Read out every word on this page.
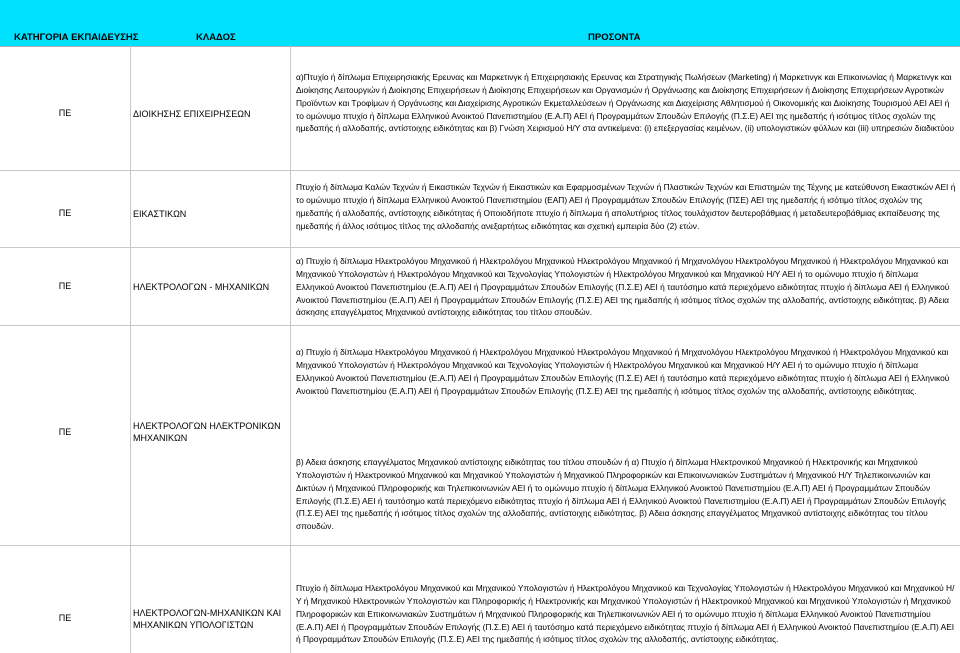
ΚΑΤΗΓΟΡΙΑ ΕΚΠΑΙΔΕΥΣΗΣ	ΚΛΑΔΟΣ	ΠΡΟΣΟΝΤΑ
ΠΕ	ΔΙΟΙΚΗΣΗΣ ΕΠΙΧΕΙΡΗΣΕΩΝ

α)Πτυχίο ή δίπλωμα Επιχειρησιακής Ερευνας και Μαρκετινγκ ή Επιχειρησιακής Ερευνας και Στρατηγικής Πωλήσεων (Marketing) ή Μαρκετινγκ και Επικοινωνίας ή Μαρκετινγκ και Διοίκησης Λειτουργιών ή Διοίκησης Επιχειρήσεων ή Διοίκησης Επιχειρήσεων και Οργανισμών ή Οργάνωσης και Διοίκησης Επιχειρήσεων ή Διοίκησης Επιχειρήσεων Αγροτικών Προϊόντων και Τροφίμων ή Οργάνωσης και Διαχείρισης Αγροτικών Εκμεταλλεύσεων ή Οργάνωσης και Διαχείρισης Αθλητισμού ή Οικονομικής και Διοίκησης Τουρισμού ΑΕΙ ΑΕΙ ή το ομώνυμο πτυχίο ή δίπλωμα Ελληνικού Ανοικτού Πανεπιστημίου (Ε.Α.Π) ΑΕΙ ή Προγραμμάτων Σπουδών Επιλογής (Π.Σ.Ε) ΑΕΙ της ημεδαπής ή ισότιμος τίτλος σχολών της ημεδαπής ή αλλοδαπής, αντίστοιχης ειδικότητας και β) Γνώση Χειρισμού Η/Υ στα αντικείμενα: (i) επεξεργασίας κειμένων, (ii) υπολογιστικών φύλλων και (iii) υπηρεσιών διαδικτύου

ΠΕ	ΕΙΚΑΣΤΙΚΩΝ

Πτυχίο ή δίπλωμα Καλών Τεχνών ή Εικαστικών Τεχνών ή Εικαστικών και Εφαρμοσμένων Τεχνών ή Πλαστικών Τεχνών και Επιστημών της Τέχνης με κατεύθυνση Εικαστικών ΑΕΙ ή το ομώνυμο πτυχίο ή δίπλωμα Ελληνικού Ανοικτού Πανεπιστημίου (ΕΑΠ) ΑΕΙ ή Προγραμμάτων Σπουδών Επιλογής (ΠΣΕ) ΑΕΙ της ημεδαπής ή ισότιμο τίτλος σχολών της ημεδαπής ή αλλοδαπής, αντίστοιχης ειδικότητας ή Οποιοδήποτε πτυχίο ή δίπλωμα ή απολυτήριος τίτλος τουλάχιστον δευτεροβάθμιας ή μεταδευτεροβάθμιας εκπαίδευσης της ημεδαπής ή άλλος ισότιμος τίτλος της αλλοδαπής ανεξαρτήτως ειδικότητας και σχετική εμπειρία δύο (2) ετών.

ΠΕ	ΗΛΕΚΤΡΟΛΟΓΩΝ - ΜΗΧΑΝΙΚΩΝ

α) Πτυχίο ή δίπλωμα Ηλεκτρολόγου Μηχανικού ή Ηλεκτρολόγου Μηχανικού Ηλεκτρολόγου Μηχανικού ή Μηχανολόγου Ηλεκτρολόγου Μηχανικού ή Ηλεκτρολόγου Μηχανικού και Μηχανικού Υπολογιστών ή Ηλεκτρολόγου Μηχανικού και Τεχνολογίας Υπολογιστών ή Ηλεκτρολόγου Μηχανικού και Μηχανικού Η/Υ ΑΕΙ ή το ομώνυμο πτυχίο ή δίπλωμα Ελληνικού Ανοικτού Πανεπιστημίου (Ε.Α.Π) ΑΕΙ ή Προγραμμάτων Σπουδών Επιλογής (Π.Σ.Ε) ΑΕΙ ή ταυτόσημο κατά περιεχόμενο ειδικότητας πτυχίο ή δίπλωμα ΑΕΙ ή Ελληνικού Ανοικτού Πανεπιστημίου (Ε.Α.Π) ΑΕΙ ή Προγραμμάτων Σπουδών Επιλογής (Π.Σ.Ε) ΑΕΙ της ημεδαπής ή ισότιμος τίτλος σχολών της αλλοδαπής, αντίστοιχης ειδικότητας. β) Αδεια άσκησης επαγγέλματος Μηχανικού αντίστοιχης ειδικότητας του τίτλου σπουδών.

ΠΕ
ΗΛΕΚΤΡΟΛΟΓΩΝ ΗΛΕΚΤΡΟΝΙΚΩΝ ΜΗΧΑΝΙΚΩΝ

α) Πτυχίο ή δίπλωμα Ηλεκτρολόγου Μηχανικού ή Ηλεκτρολόγου Μηχανικού Ηλεκτρολόγου Μηχανικού ή Μηχανολόγου Ηλεκτρολόγου Μηχανικού ή Ηλεκτρολόγου Μηχανικού και Μηχανικού Υπολογιστών ή Ηλεκτρολόγου Μηχανικού και Τεχνολογίας Υπολογιστών ή Ηλεκτρολόγου Μηχανικού και Μηχανικού Η/Υ ΑΕΙ ή το ομώνυμο πτυχίο ή δίπλωμα Ελληνικού Ανοικτού Πανεπιστημίου (Ε.Α.Π) ΑΕΙ ή Προγραμμάτων Σπουδών Επιλογής (Π.Σ.Ε) ΑΕΙ ή ταυτόσημο κατά περιεχόμενο ειδικότητας πτυχίο ή δίπλωμα ΑΕΙ ή Ελληνικού Ανοικτού Πανεπιστημίου (Ε.Α.Π) ΑΕΙ ή Προγραμμάτων Σπουδών Επιλογής (Π.Σ.Ε) ΑΕΙ της ημεδαπής ή ισότιμος τίτλος σχολών της αλλοδαπής, αντίστοιχης ειδικότητας.

β) Αδεια άσκησης επαγγέλματος Μηχανικού αντίστοιχης ειδικότητας του τίτλου σπουδών ή α) Πτυχίο ή δίπλωμα Ηλεκτρονικού Μηχανικού ή Ηλεκτρονικής και Μηχανικού Υπολογιστών ή Ηλεκτρονικού Μηχανικού και Μηχανικού Υπολογιστών ή Μηχανικού Πληροφορικών και Επικοινωνιακών Συστημάτων ή Μηχανικού Η/Υ Τηλεπικοινωνιών και Δικτύων ή Μηχανικού Πληροφορικής και Τηλεπικοινωνιών ΑΕΙ ή το ομώνυμο πτυχίο ή δίπλωμα Ελληνικού Ανοικτού Πανεπιστημίου (Ε.Α.Π) ΑΕΙ ή Προγραμμάτων Σπουδών Επιλογής (Π.Σ.Ε) ΑΕΙ ή ταυτόσημο κατά περιεχόμενο ειδικότητας πτυχίο ή δίπλωμα ΑΕΙ ή Ελληνικού Ανοικτού Πανεπιστημίου (Ε.Α.Π) ΑΕΙ ή Προγραμμάτων Σπουδών Επιλογής (Π.Σ.Ε) ΑΕΙ της ημεδαπής ή ισότιμος τίτλος σχολών της αλλοδαπής, αντίστοιχης ειδικότητας. β) Αδεια άσκησης επαγγέλματος Μηχανικού αντίστοιχης ειδικότητας του τίτλου σπουδών.

ΠΕ	ΗΛΕΚΤΡΟΛΟΓΩΝ-ΜΗΧΑΝΙΚΩΝ ΚΑΙ ΜΗΧΑΝΙΚΩΝ ΥΠΟΛΟΓΙΣΤΩΝ

Πτυχίο ή δίπλωμα Ηλεκτρολόγου Μηχανικού και Μηχανικού Υπολογιστών ή Ηλεκτρολόγου Μηχανικού και Τεχνολογίας Υπολογιστών ή Ηλεκτρολόγου Μηχανικού και Μηχανικού Η/Υ ή Μηχανικού Ηλεκτρονικών Υπολογιστών και Πληροφορικής ή Ηλεκτρονικής και Μηχανικού Υπολογιστών ή Ηλεκτρονικού Μηχανικού και Μηχανικού Υπολογιστών ή Μηχανικού Πληροφορικών και Επικοινωνιακών Συστημάτων ή Μηχανικού Πληροφορικής και Τηλεπικοινωνιών ΑΕΙ ή το ομώνυμο πτυχίο ή δίπλωμα Ελληνικού Ανοικτού Πανεπιστημίου (Ε.Α.Π) ΑΕΙ ή Προγραμμάτων Σπουδών Επιλογής (Π.Σ.Ε) ΑΕΙ ή ταυτόσημο κατά περιεχόμενο ειδικότητας πτυχίο ή δίπλωμα ΑΕΙ ή Ελληνικού Ανοικτού Πανεπιστημίου (Ε.Α.Π) ΑΕΙ ή Προγραμμάτων Σπουδών Επιλογής (Π.Σ.Ε) ΑΕΙ της ημεδαπής ή ισότιμος τίτλος σχολών της αλλοδαπής, αντίστοιχης ειδικότητας.
